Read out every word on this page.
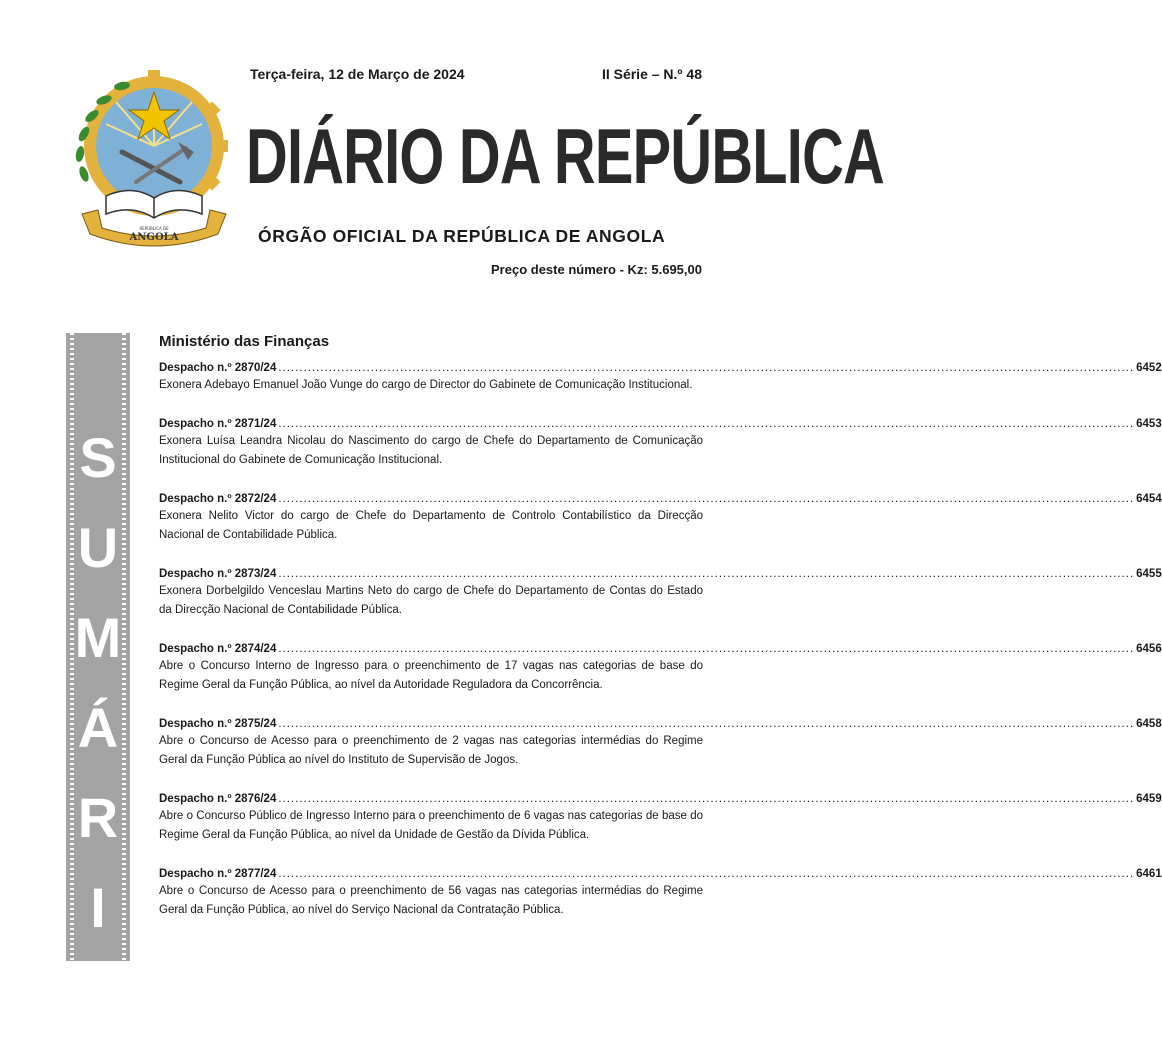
ANGOLA
REPÚBLICA DE
Terça-feira, 12 de Março de 2024	II Série – N.º 48
DIÁRIO DA REPÚBLICA
ÓRGÃO OFICIAL DA REPÚBLICA DE ANGOLA
Preço deste número - Kz: 5.695,00
S
U
M
Á
R
I
O
Ministério das Finanças
Despacho n.º 2870/24 .....	6452
Exonera Adebayo Emanuel João Vunge do cargo de Director do Gabinete de Comunicação Institucional.
Despacho n.º 2871/24 .....	6453
Exonera Luísa Leandra Nicolau do Nascimento do cargo de Chefe do Departamento de Comunicação Institucional do Gabinete de Comunicação Institucional.
Despacho n.º 2872/24 .....	6454
Exonera Nelito Victor do cargo de Chefe do Departamento de Controlo Contabilístico da Direcção Nacional de Contabilidade Pública.
Despacho n.º 2873/24 .....	6455
Exonera Dorbelgildo Venceslau Martins Neto do cargo de Chefe do Departamento de Contas do Estado da Direcção Nacional de Contabilidade Pública.
Despacho n.º 2874/24 .....	6456
Abre o Concurso Interno de Ingresso para o preenchimento de 17 vagas nas categorias de base do Regime Geral da Função Pública, ao nível da Autoridade Reguladora da Concorrência.
Despacho n.º 2875/24 .....	6458
Abre o Concurso de Acesso para o preenchimento de 2 vagas nas categorias intermédias do Regime Geral da Função Pública ao nível do Instituto de Supervisão de Jogos.
Despacho n.º 2876/24 .....	6459
Abre o Concurso Público de Ingresso Interno para o preenchimento de 6 vagas nas categorias de base do Regime Geral da Função Pública, ao nível da Unidade de Gestão da Dívida Pública.
Despacho n.º 2877/24 .....	6461
Abre o Concurso de Acesso para o preenchimento de 56 vagas nas categorias intermédias do Regime Geral da Função Pública, ao nível do Serviço Nacional da Contratação Pública.
